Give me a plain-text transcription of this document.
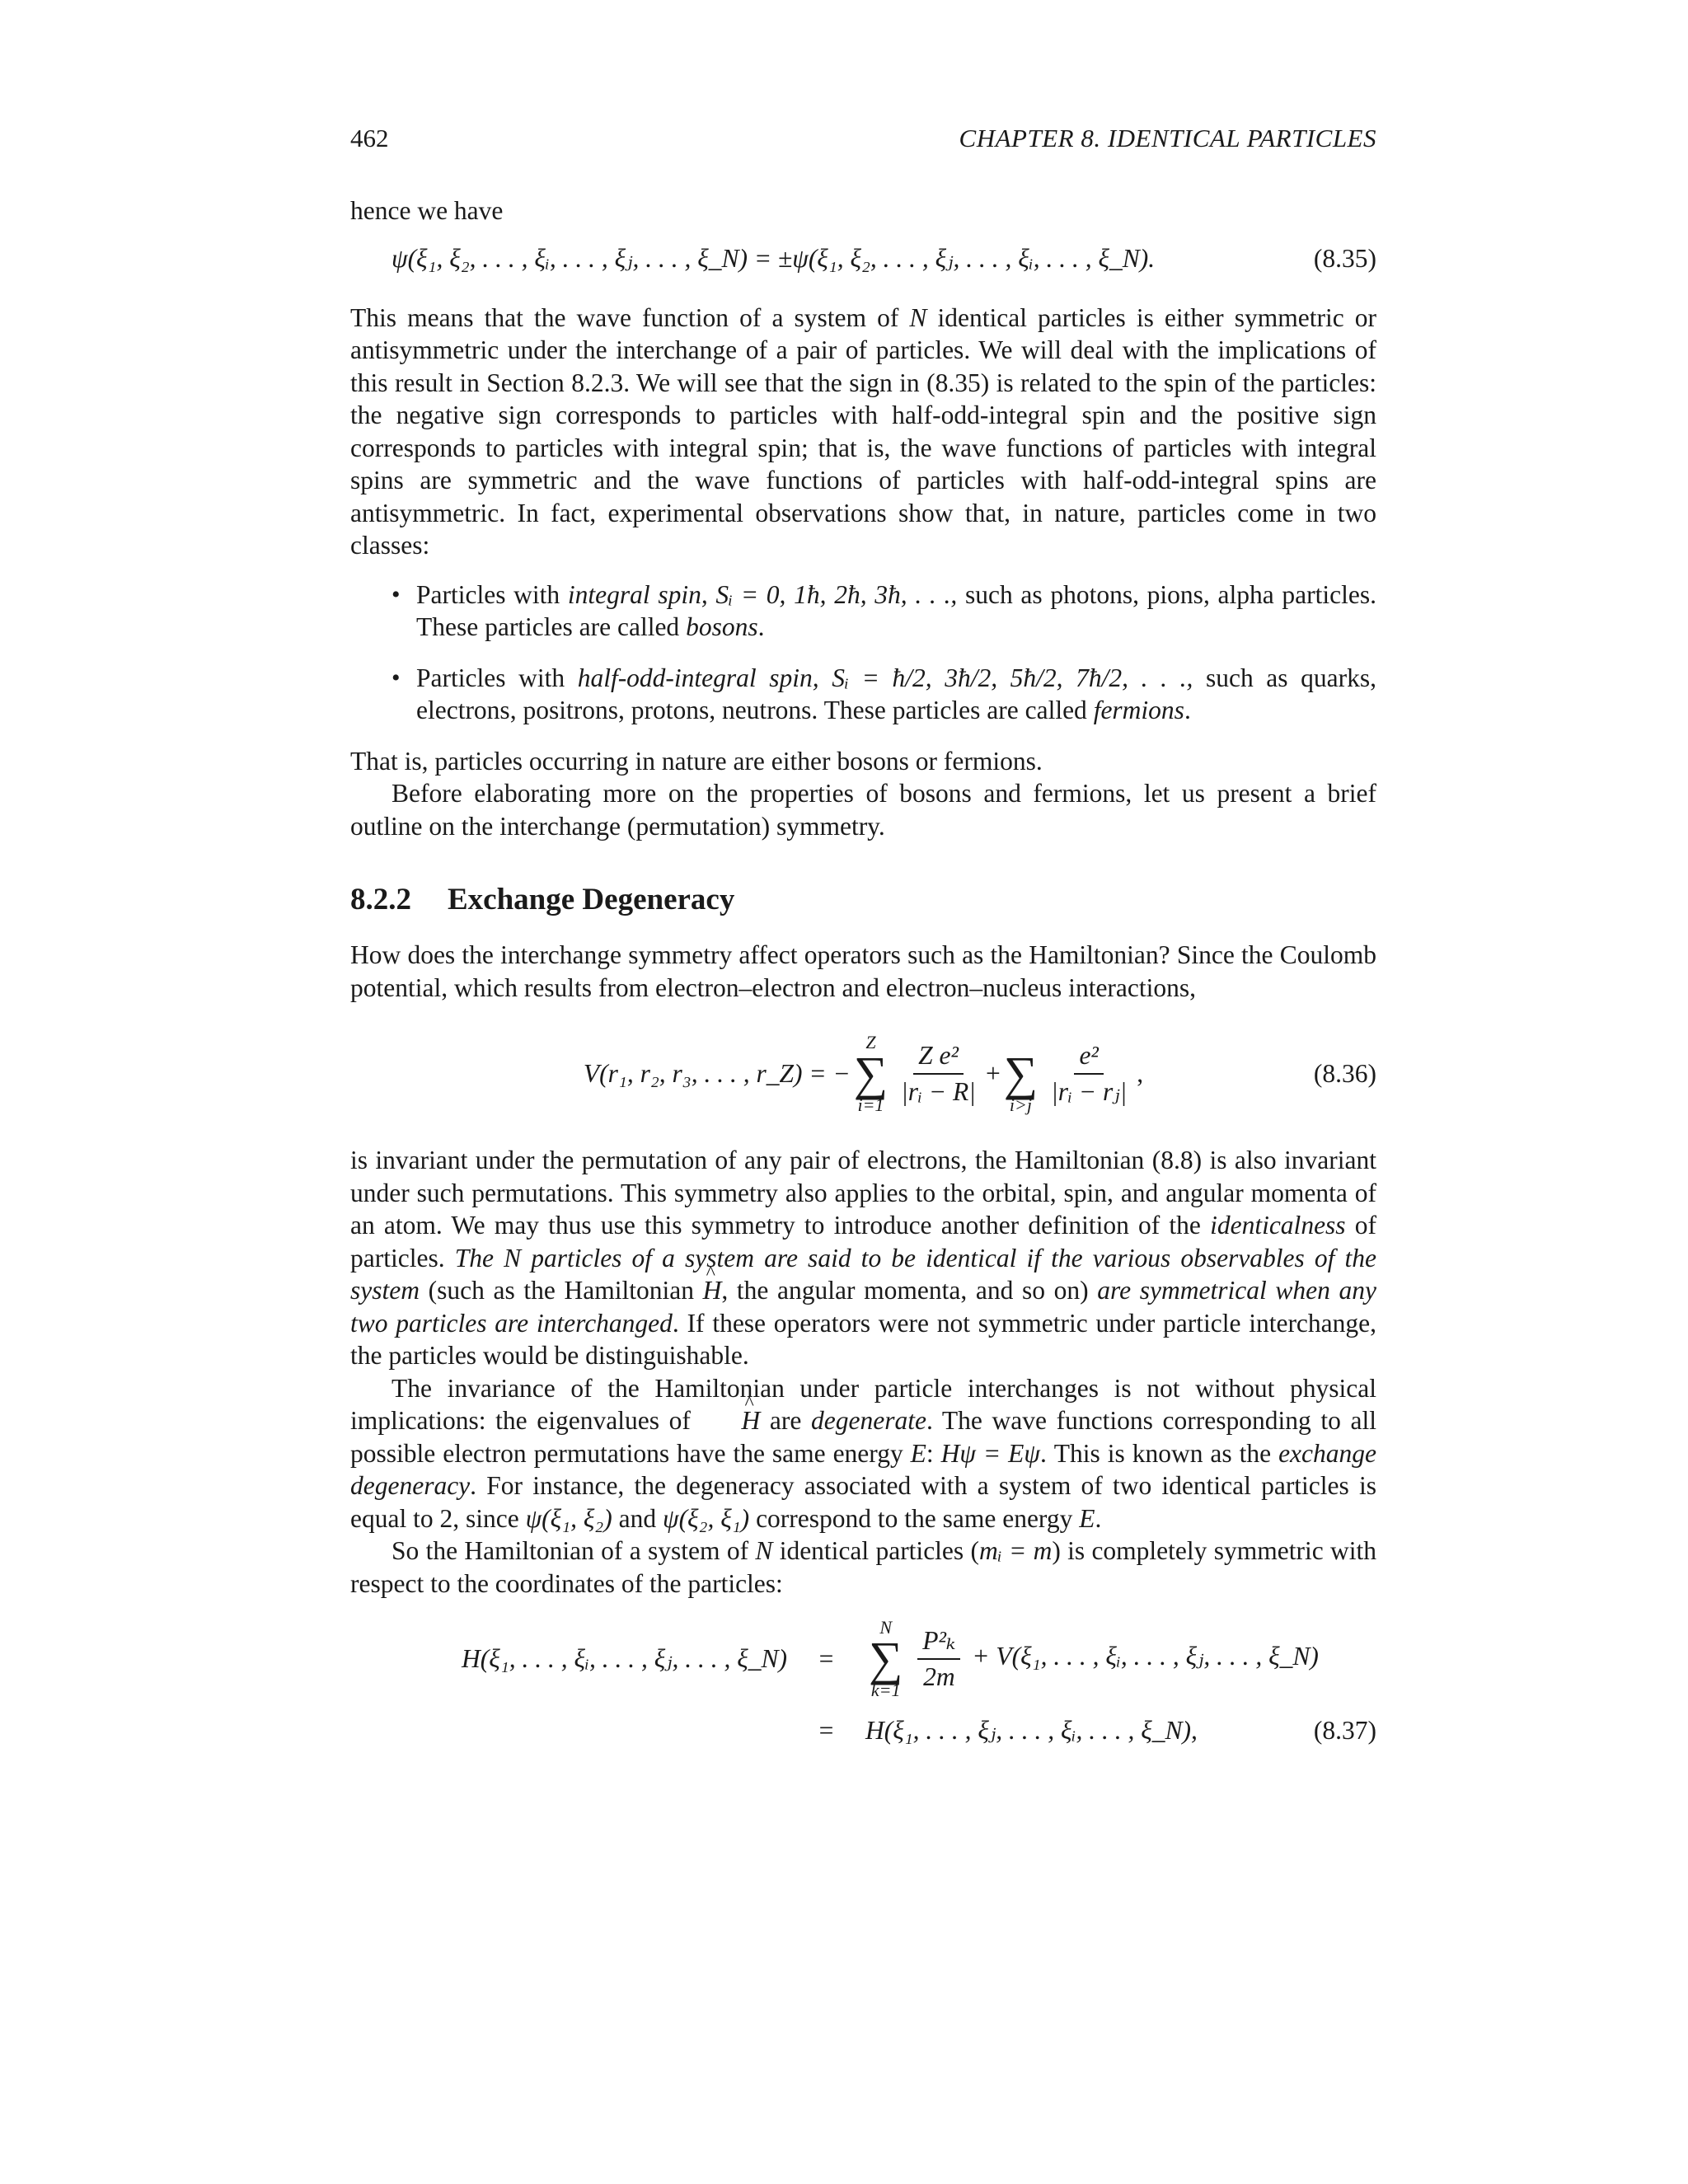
462	CHAPTER 8. IDENTICAL PARTICLES

hence we have

ψ(ξ₁, ξ₂, . . . , ξᵢ, . . . , ξⱼ, . . . , ξ_N) = ±ψ(ξ₁, ξ₂, . . . , ξⱼ, . . . , ξᵢ, . . . , ξ_N).	(8.35)

This means that the wave function of a system of N identical particles is either symmetric or antisymmetric under the interchange of a pair of particles. We will deal with the implications of this result in Section 8.2.3. We will see that the sign in (8.35) is related to the spin of the particles: the negative sign corresponds to particles with half-odd-integral spin and the positive sign corresponds to particles with integral spin; that is, the wave functions of particles with integral spins are symmetric and the wave functions of particles with half-odd-integral spins are antisymmetric. In fact, experimental observations show that, in nature, particles come in two classes:

• Particles with integral spin, Sᵢ = 0, 1ħ, 2ħ, 3ħ, . . ., such as photons, pions, alpha particles. These particles are called bosons.
• Particles with half-odd-integral spin, Sᵢ = ħ/2, 3ħ/2, 5ħ/2, 7ħ/2, . . ., such as quarks, electrons, positrons, protons, neutrons. These particles are called fermions.

That is, particles occurring in nature are either bosons or fermions.

Before elaborating more on the properties of bosons and fermions, let us present a brief outline on the interchange (permutation) symmetry.

8.2.2 Exchange Degeneracy

How does the interchange symmetry affect operators such as the Hamiltonian? Since the Coulomb potential, which results from electron–electron and electron–nucleus interactions,

V(r₁, r₂, r₃, . . . , r_Z) = −
Z
∑
$i=1 \frac{\text{Z e²}}{\text{|rᵢ − R|}}$ +
∑
$i>j \frac{\text{e²}}{\text{|rᵢ − rⱼ|}}$ ,	(8.36)

is invariant under the permutation of any pair of electrons, the Hamiltonian (8.8) is also invariant under such permutations. This symmetry also applies to the orbital, spin, and angular momenta of an atom. We may thus use this symmetry to introduce another definition of the identicalness of particles. The N particles of a system are said to be identical if the various observables of the system (such as the Hamiltonian ^ H, the angular momenta, and so on) are symmetrical when any two particles are interchanged. If these operators were not symmetric under particle interchange, the particles would be distinguishable.

The invariance of the Hamiltonian under particle interchanges is not without physical implications: the eigenvalues of ^ H are degenerate. The wave functions corresponding to all possible electron permutations have the same energy E: Hψ = Eψ. This is known as the exchange degeneracy. For instance, the degeneracy associated with a system of two identical particles is equal to 2, since ψ(ξ₁, ξ₂) and ψ(ξ₂, ξ₁) correspond to the same energy E.

So the Hamiltonian of a system of N identical particles (mᵢ = m) is completely symmetric with respect to the coordinates of the particles:

H(ξ₁, . . . , ξᵢ, . . . , ξⱼ, . . . , ξ_N)	=
N
∑
k=1
$\frac{\text{P²ₖ}}{2m} + V(\xi_1$, . . . , ξᵢ, . . . , ξⱼ, . . . , ξ_N)
=	H(ξ₁, . . . , ξⱼ, . . . , ξᵢ, . . . , ξ_N),	(8.37)
